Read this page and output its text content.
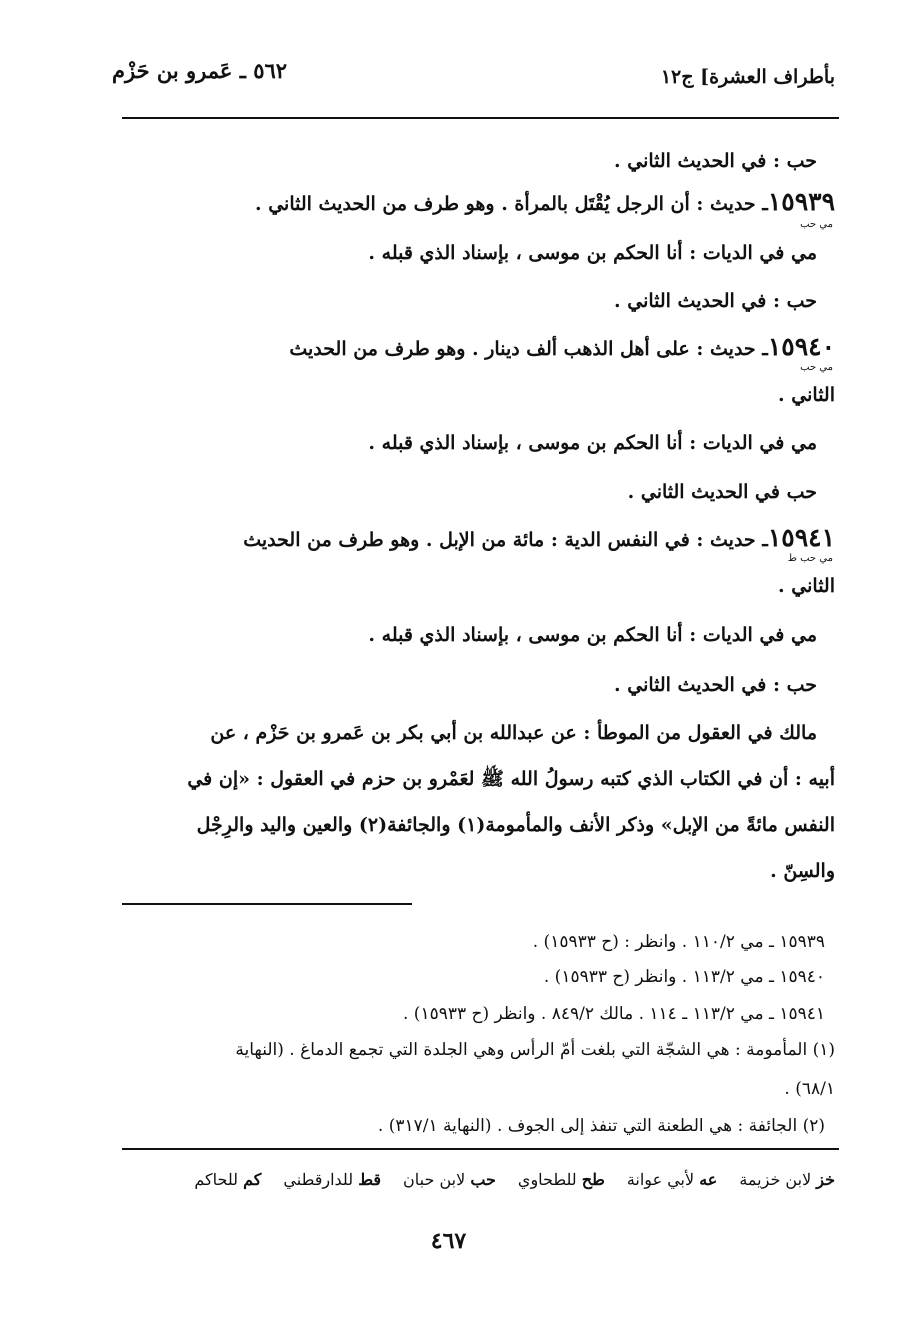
بأطراف العشرة] ج١٢
٥٦٢ ـ عَمرو بن حَزْم
حب : في الحديث الثاني .
١٥٩٣٩ـ حديث : أن الرجل يُقْتَل بالمرأة . وهو طرف من الحديث الثاني .
مي حب
مي في الديات : أنا الحكم بن موسى ، بإسناد الذي قبله .
حب : في الحديث الثاني .
١٥٩٤٠ـ حديث : على أهل الذهب ألف دينار . وهو طرف من الحديث
مي حب
الثاني .
مي في الديات : أنا الحكم بن موسى ، بإسناد الذي قبله .
حب في الحديث الثاني .
١٥٩٤١ـ حديث : في النفس الدية : مائة من الإبل . وهو طرف من الحديث
مي حب ط
الثاني .
مي في الديات : أنا الحكم بن موسى ، بإسناد الذي قبله .
حب : في الحديث الثاني .
مالك في العقول من الموطأ : عن عبدالله بن أبي بكر بن عَمرو بن حَزْم ، عن
أبيه : أن في الكتاب الذي كتبه رسولُ الله ﷺ لعَمْرو بن حزم في العقول : «إن في
النفس مائةً من الإبل» وذكر الأنف والمأمومة(١) والجائفة(٢) والعين واليد والرِجْل
والسِنّ .
١٥٩٣٩ ـ مي ١١٠/٢ . وانظر : (ح ١٥٩٣٣) .
١٥٩٤٠ ـ مي ١١٣/٢ . وانظر (ح ١٥٩٣٣) .
١٥٩٤١ ـ مي ١١٣/٢ ـ ١١٤ . مالك ٨٤٩/٢ . وانظر (ح ١٥٩٣٣) .
(١) المأمومة : هي الشجّة التي بلغت أمّ الرأس وهي الجلدة التي تجمع الدماغ . (النهاية
٦٨/١) .
(٢) الجائفة : هي الطعنة التي تنفذ إلى الجوف . (النهاية ٣١٧/١) .
خز لابن خزيمة
عه لأبي عوانة
طح للطحاوي
حب لابن حبان
قط للدارقطني
كم للحاكم
٤٦٧
